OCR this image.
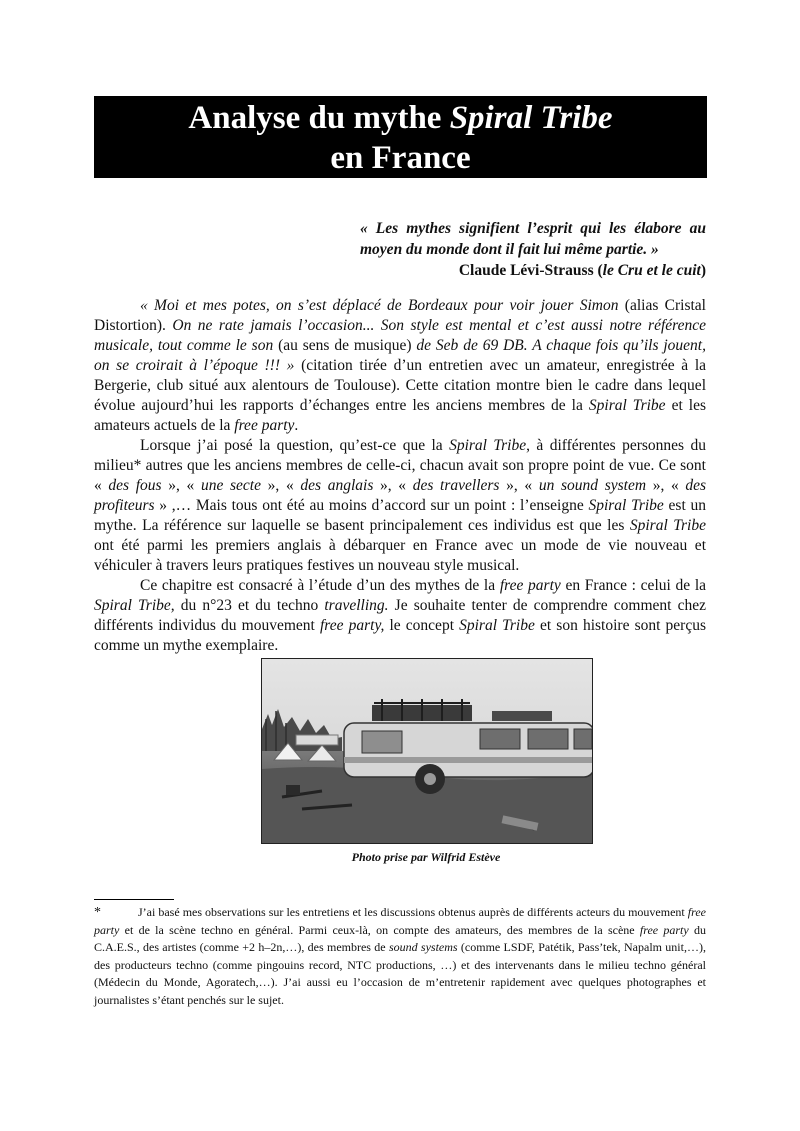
Analyse du mythe Spiral Tribe
en France
« Les mythes signifient l’esprit qui les élabore au moyen du monde dont il fait lui même partie. »
Claude Lévi-Strauss (le Cru et le cuit)

« Moi et mes potes, on s’est déplacé de Bordeaux pour voir jouer Simon (alias Cristal Distortion). On ne rate jamais l’occasion... Son style est mental et c’est aussi notre référence musicale, tout comme le son (au sens de musique) de Seb de 69 DB. A chaque fois qu’ils jouent, on se croirait à l’époque !!! » (citation tirée d’un entretien avec un amateur, enregistrée à la Bergerie, club situé aux alentours de Toulouse). Cette citation montre bien le cadre dans lequel évolue aujourd’hui les rapports d’échanges entre les anciens membres de la Spiral Tribe et les amateurs actuels de la free party.

Lorsque j’ai posé la question, qu’est-ce que la Spiral Tribe, à différentes personnes du milieu* autres que les anciens membres de celle-ci, chacun avait son propre point de vue. Ce sont « des fous », « une secte », « des anglais », « des travellers », « un sound system », « des profiteurs » ,… Mais tous ont été au moins d’accord sur un point : l’enseigne Spiral Tribe est un mythe. La référence sur laquelle se basent principalement ces individus est que les Spiral Tribe ont été parmi les premiers anglais à débarquer en France avec un mode de vie nouveau et véhiculer à travers leurs pratiques festives un nouveau style musical.

Ce chapitre est consacré à l’étude d’un des mythes de la free party en France : celui de la Spiral Tribe, du n°23 et du techno travelling. Je souhaite tenter de comprendre comment chez différents individus du mouvement free party, le concept Spiral Tribe et son histoire sont perçus comme un mythe exemplaire.

Photo prise par Wilfrid Estève
*	J’ai basé mes observations sur les entretiens et les discussions obtenus auprès de différents acteurs du mouvement free party et de la scène techno en général. Parmi ceux-là, on compte des amateurs, des membres de la scène free party du C.A.E.S., des artistes (comme +2 h–2n,…), des membres de sound systems (comme LSDF, Patétik, Pass’tek, Napalm unit,…), des producteurs techno (comme pingouins record, NTC productions, …) et des intervenants dans le milieu techno général (Médecin du Monde, Agoratech,…). J’ai aussi eu l’occasion de m’entretenir rapidement avec quelques photographes et journalistes s’étant penchés sur le sujet.
